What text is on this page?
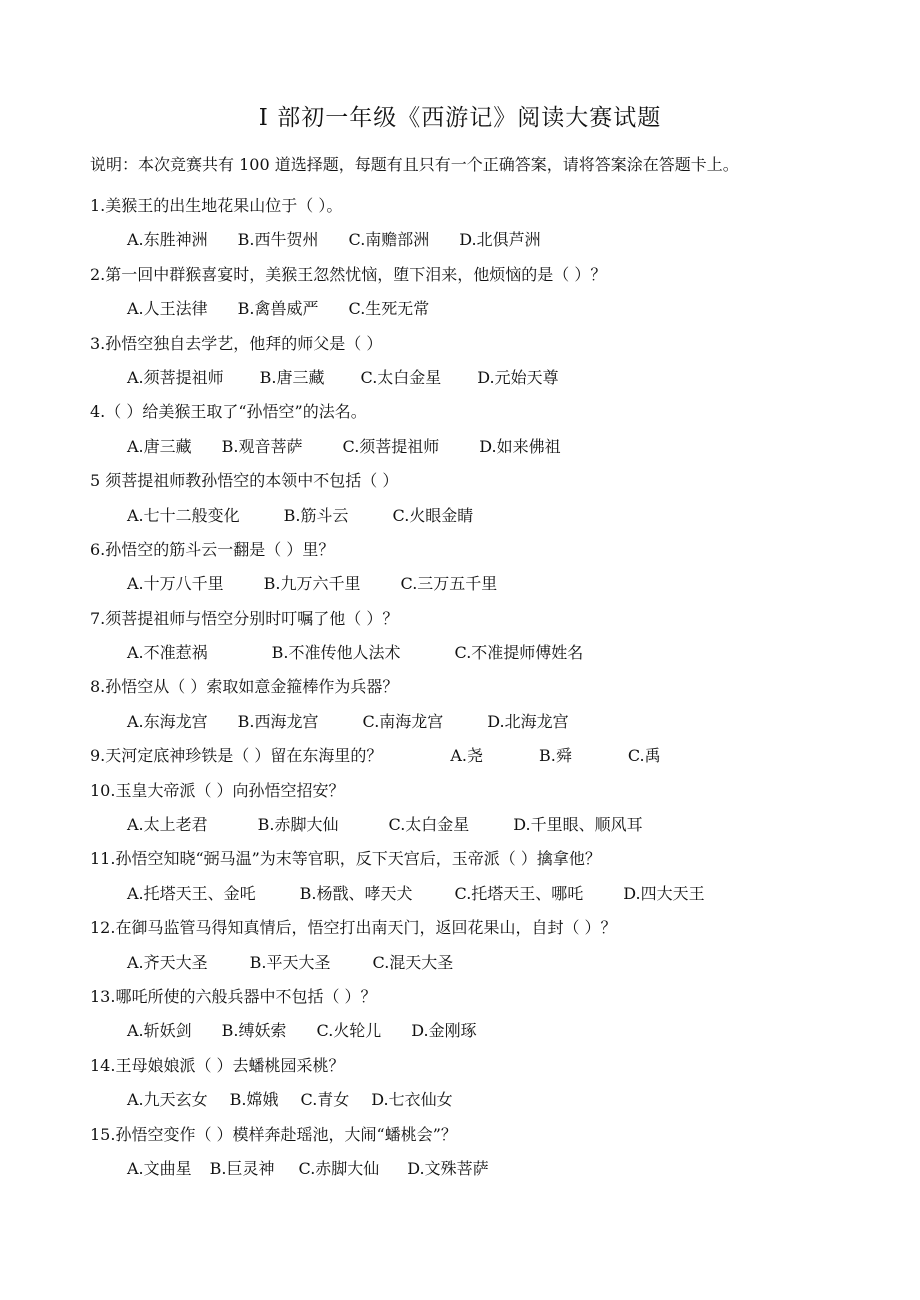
I 部初一年级《西游记》阅读大赛试题
说明：本次竞赛共有 100 道选择题，每题有且只有一个正确答案，请将答案涂在答题卡上。
1.美猴王的出生地花果山位于（ ）。
A.东胜神洲 B.西牛贺州 C.南赡部洲 D.北俱芦洲
2.第一回中群猴喜宴时，美猴王忽然忧恼，堕下泪来，他烦恼的是（ ）？
A.人王法律 B.禽兽威严 C.生死无常
3.孙悟空独自去学艺，他拜的师父是（ ）
A.须菩提祖师 B.唐三藏 C.太白金星 D.元始天尊
4.（ ）给美猴王取了“孙悟空”的法名。
A.唐三藏 B.观音菩萨	C.须菩提祖师	D.如来佛祖
5 须菩提祖师教孙悟空的本领中不包括（ ）
A.七十二般变化	B.筋斗云	C.火眼金睛
6.孙悟空的筋斗云一翻是（ ）里？
A.十万八千里	B.九万六千里	C.三万五千里
7.须菩提祖师与悟空分别时叮嘱了他（ ）？
A.不准惹祸	B.不准传他人法术	C.不准提师傅姓名
8.孙悟空从（ ）索取如意金箍棒作为兵器？
A.东海龙宫 B.西海龙宫	C.南海龙宫	D.北海龙宫
9.天河定底神珍铁是（ ）留在东海里的？	A.尧	B.舜	C.禹
10.玉皇大帝派（ ）向孙悟空招安？
A.太上老君	B.赤脚大仙	C.太白金星	D.千里眼、顺风耳
11.孙悟空知晓“弼马温”为末等官职，反下天宫后，玉帝派（ ）擒拿他？
A.托塔天王、金吒	B.杨戬、哮天犬	C.托塔天王、哪吒	D.四大天王
12.在御马监管马得知真情后，悟空打出南天门，返回花果山，自封（ ）？
A.齐天大圣	B.平天大圣	C.混天大圣
13.哪吒所使的六般兵器中不包括（ ）？
A.斩妖剑 B.缚妖索 C.火轮儿 D.金刚琢
14.王母娘娘派（ ）去蟠桃园采桃？
A.九天玄女 B.嫦娥 C.青女 D.七衣仙女
15.孙悟空变作（ ）模样奔赴瑶池，大闹“蟠桃会”？
A.文曲星 B.巨灵神 C.赤脚大仙 D.文殊菩萨
